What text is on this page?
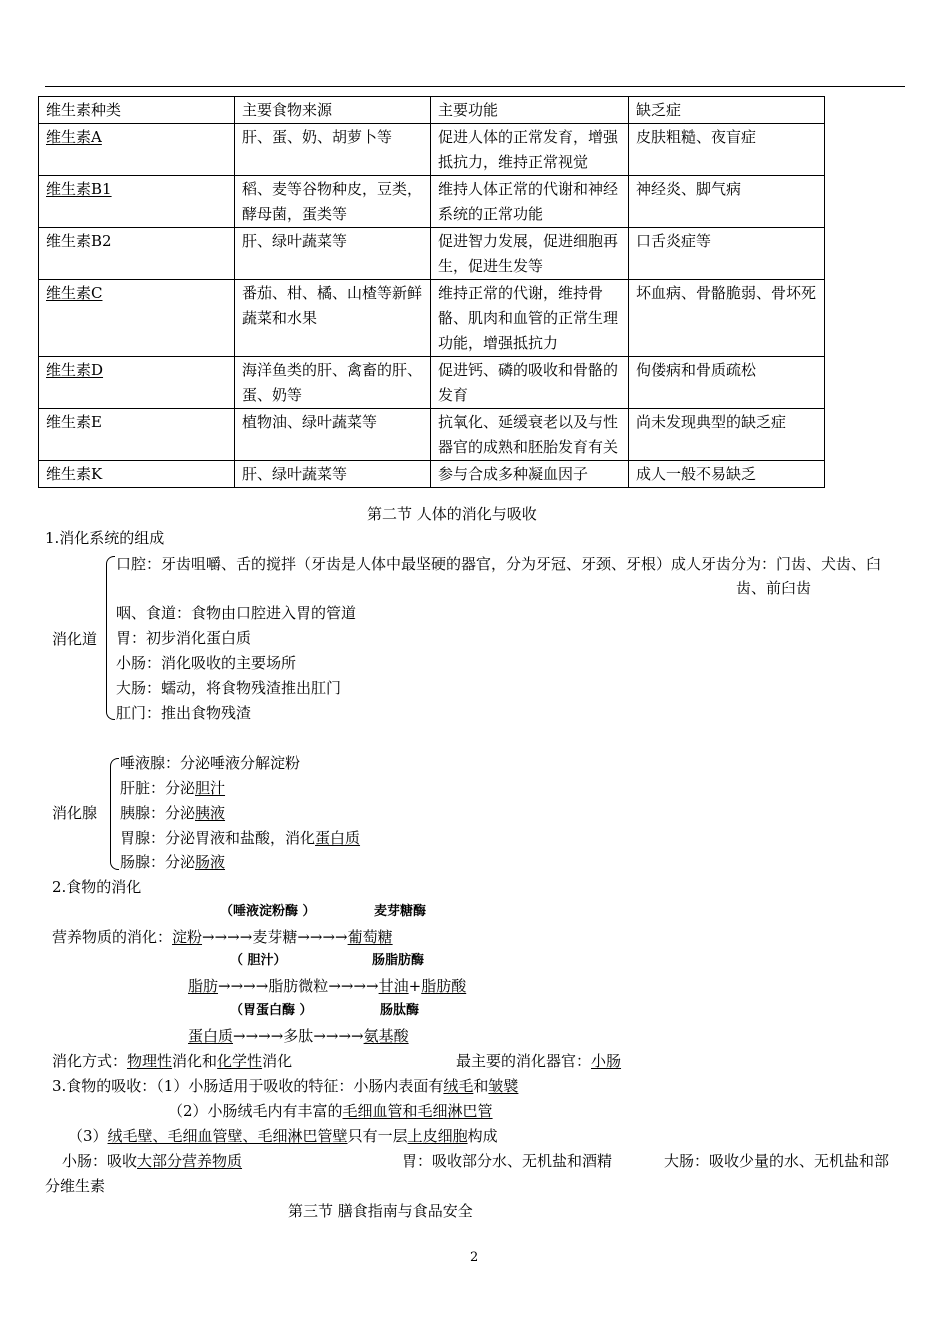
维生素种类	主要食物来源	主要功能	缺乏症
维生素A	肝、蛋、奶、胡萝卜等	促进人体的正常发育，增强抵抗力，维持正常视觉	皮肤粗糙、夜盲症
维生素B1	稻、麦等谷物种皮，豆类，酵母菌，蛋类等	维持人体正常的代谢和神经系统的正常功能	神经炎、脚气病
维生素B2	肝、绿叶蔬菜等	促进智力发展，促进细胞再生，促进生发等	口舌炎症等
维生素C	番茄、柑、橘、山楂等新鲜蔬菜和水果	维持正常的代谢，维持骨骼、肌肉和血管的正常生理功能，增强抵抗力	坏血病、骨骼脆弱、骨坏死
维生素D	海洋鱼类的肝、禽畜的肝、蛋、奶等	促进钙、磷的吸收和骨骼的发育	佝偻病和骨质疏松
维生素E	植物油、绿叶蔬菜等	抗氧化、延缓衰老以及与性器官的成熟和胚胎发育有关	尚未发现典型的缺乏症
维生素K	肝、绿叶蔬菜等	参与合成多种凝血因子	成人一般不易缺乏
第二节 人体的消化与吸收
1.消化系统的组成
消化道
口腔：牙齿咀嚼、舌的搅拌（牙齿是人体中最坚硬的器官，分为牙冠、牙颈、牙根）成人牙齿分为：门齿、犬齿、臼
齿、前臼齿
咽、食道：食物由口腔进入胃的管道
胃：初步消化蛋白质
小肠：消化吸收的主要场所
大肠：蠕动，将食物残渣推出肛门
肛门：推出食物残渣
消化腺
唾液腺：分泌唾液分解淀粉
肝脏：分泌胆汁
胰腺：分泌胰液
胃腺：分泌胃液和盐酸，消化蛋白质
肠腺：分泌肠液
2.食物的消化
（唾液淀粉酶 ）	麦芽糖酶
营养物质的消化：淀粉→→→→麦芽糖→→→→葡萄糖
（ 胆汁）	肠脂肪酶
脂肪→→→→脂肪微粒→→→→甘油+脂肪酸
（胃蛋白酶 ）	肠肽酶
蛋白质→→→→多肽→→→→氨基酸
消化方式：物理性消化和化学性消化	最主要的消化器官：小肠
3.食物的吸收：（1）小肠适用于吸收的特征：小肠内表面有绒毛和皱襞
（2）小肠绒毛内有丰富的毛细血管和毛细淋巴管
（3）绒毛壁、毛细血管壁、毛细淋巴管壁只有一层上皮细胞构成
小肠：吸收大部分营养物质	胃：吸收部分水、无机盐和酒精	大肠：吸收少量的水、无机盐和部
分维生素
第三节 膳食指南与食品安全
2
